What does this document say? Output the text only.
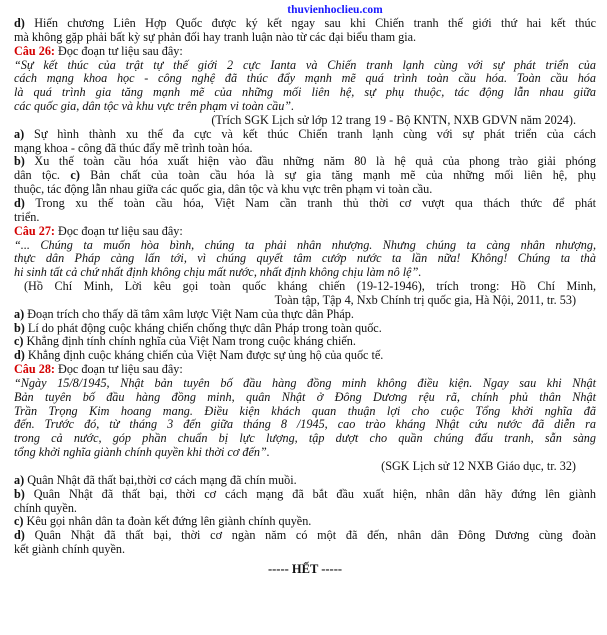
thuvienhoclieu.com
d) Hiến chương Liên Hợp Quốc được ký kết ngay sau khi Chiến tranh thế giới thứ hai kết thúc
mà không gặp phải bất kỳ sự phản đối hay tranh luận nào từ các đại biểu tham gia.
Câu 26: Đọc đoạn tư liệu sau đây:
“Sự kết thúc của trật tự thế giới 2 cực Ianta và Chiến tranh lạnh cùng với sự phát triển của
cách mạng khoa học - công nghệ đã thúc đẩy mạnh mẽ quá trình toàn cầu hóa. Toàn cầu hóa
là quá trình gia tăng mạnh mẽ của những mối liên hệ, sự phụ thuộc, tác động lẫn nhau giữa
các quốc gia, dân tộc và khu vực trên phạm vi toàn cầu”.
(Trích SGK Lịch sử lớp 12 trang 19 - Bộ KNTN, NXB GDVN năm 2024).
a) Sự hình thành xu thế đa cực và kết thúc Chiến tranh lạnh cùng với sự phát triển của cách
mạng khoa - công đã thúc đẩy mẽ trình toàn hóa.
b) Xu thế toàn cầu hóa xuất hiện vào đầu những năm 80 là hệ quả của phong trào giải phóng
dân tộc. c) Bản chất của toàn cầu hóa là sự gia tăng mạnh mẽ của những mối liên hệ, phụ
thuộc, tác động lẫn nhau giữa các quốc gia, dân tộc và khu vực trên phạm vi toàn cầu.
d) Trong xu thế toàn cầu hóa, Việt Nam cần tranh thủ thời cơ vượt qua thách thức để phát
triển.
Câu 27: Đọc đoạn tư liệu sau đây:
“... Chúng ta muốn hòa bình, chúng ta phải nhân nhượng. Nhưng chúng ta càng nhân nhượng,
thực dân Pháp càng lấn tới, vì chúng quyết tâm cướp nước ta lần nữa! Không! Chúng ta thà
hi sinh tất cả chứ nhất định không chịu mất nước, nhất định không chịu làm nô lệ”.
(Hồ Chí Minh, Lời kêu gọi toàn quốc kháng chiến (19-12-1946), trích trong: Hồ Chí Minh,
Toàn tập, Tập 4, Nxb Chính trị quốc gia, Hà Nội, 2011, tr. 53)
a) Đoạn trích cho thấy dã tâm xâm lược Việt Nam của thực dân Pháp.
b) Lí do phát động cuộc kháng chiến chống thực dân Pháp trong toàn quốc.
c) Khẳng định tính chính nghĩa của Việt Nam trong cuộc kháng chiến.
d) Khẳng định cuộc kháng chiến của Việt Nam được sự ủng hộ của quốc tế.
Câu 28: Đọc đoạn tư liệu sau đây:
“Ngày 15/8/1945, Nhật bản tuyên bố đầu hàng đồng minh không điều kiện. Ngay sau khi Nhật
Bản tuyên bố đầu hàng đồng minh, quân Nhật ở Đông Dương rệu rã, chính phủ thân Nhật
Trần Trọng Kim hoang mang. Điều kiện khách quan thuận lợi cho cuộc Tổng khởi nghĩa đã
đến. Trước đó, từ tháng 3 đến giữa tháng 8 /1945, cao trào kháng Nhật cứu nước đã diễn ra
trong cả nước, góp phần chuẩn bị lực lượng, tập dượt cho quần chúng đấu tranh, sẵn sàng
tổng khởi nghĩa giành chính quyền khi thời cơ đến”.
(SGK Lịch sử 12 NXB Giáo dục, tr. 32)
a) Quân Nhật đã thất bại,thời cơ cách mạng đã chín muồi.
b) Quân Nhật đã thất bại, thời cơ cách mạng đã bắt đầu xuất hiện, nhân dân hãy đứng lên giành
chính quyền.
c) Kêu gọi nhân dân ta đoàn kết đứng lên giành chính quyền.
d) Quân Nhật đã thất bại, thời cơ ngàn năm có một đã đến, nhân dân Đông Dương cùng đoàn
kết giành chính quyền.
----- HẾT -----
